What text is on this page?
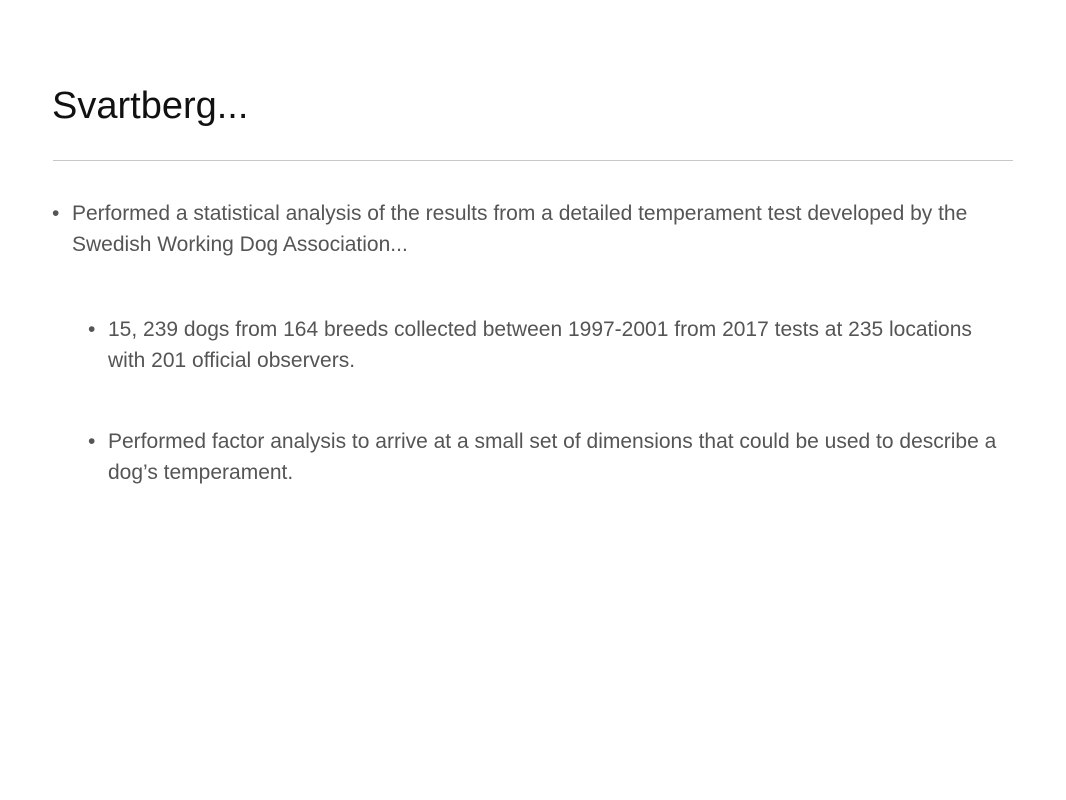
Svartberg...
• Performed a statistical analysis of the results from a detailed temperament test developed by the Swedish Working Dog Association...
• 15, 239 dogs from 164 breeds collected between 1997-2001 from 2017 tests at 235 locations with 201 official observers.
• Performed factor analysis to arrive at a small set of dimensions that could be used to describe a dog’s temperament.
